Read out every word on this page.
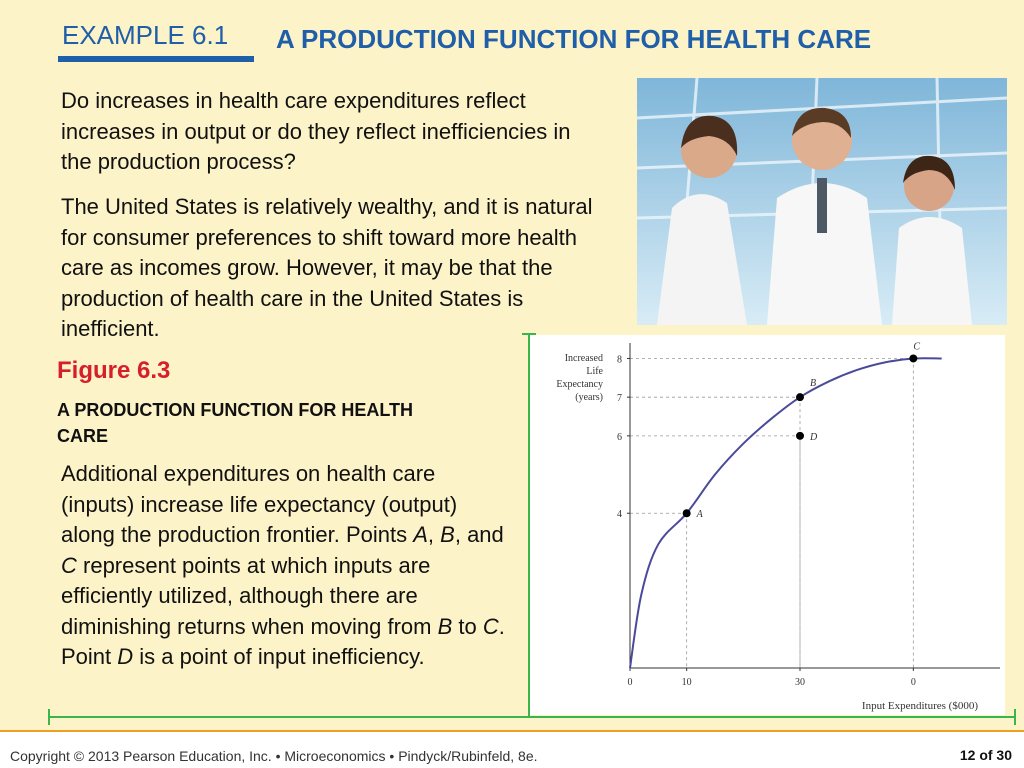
EXAMPLE 6.1 A PRODUCTION FUNCTION FOR HEALTH CARE
Do increases in health care expenditures reflect increases in output or do they reflect inefficiencies in the production process?
The United States is relatively wealthy, and it is natural for consumer preferences to shift toward more health care as incomes grow. However, it may be that the production of health care in the United States is inefficient.
Figure 6.3
A PRODUCTION FUNCTION FOR HEALTH CARE
Additional expenditures on health care (inputs) increase life expectancy (output) along the production frontier. Points A, B, and C represent points at which inputs are efficiently utilized, although there are diminishing returns when moving from B to C.
Point D is a point of input inefficiency.
Increased
Life
Expectancy
(years)
4
6
7
8
0	10	30	0
A
B
C
D
Input Expenditures ($000)
Copyright © 2013 Pearson Education, Inc. • Microeconomics • Pindyck/Rubinfeld, 8e.	12 of 30
